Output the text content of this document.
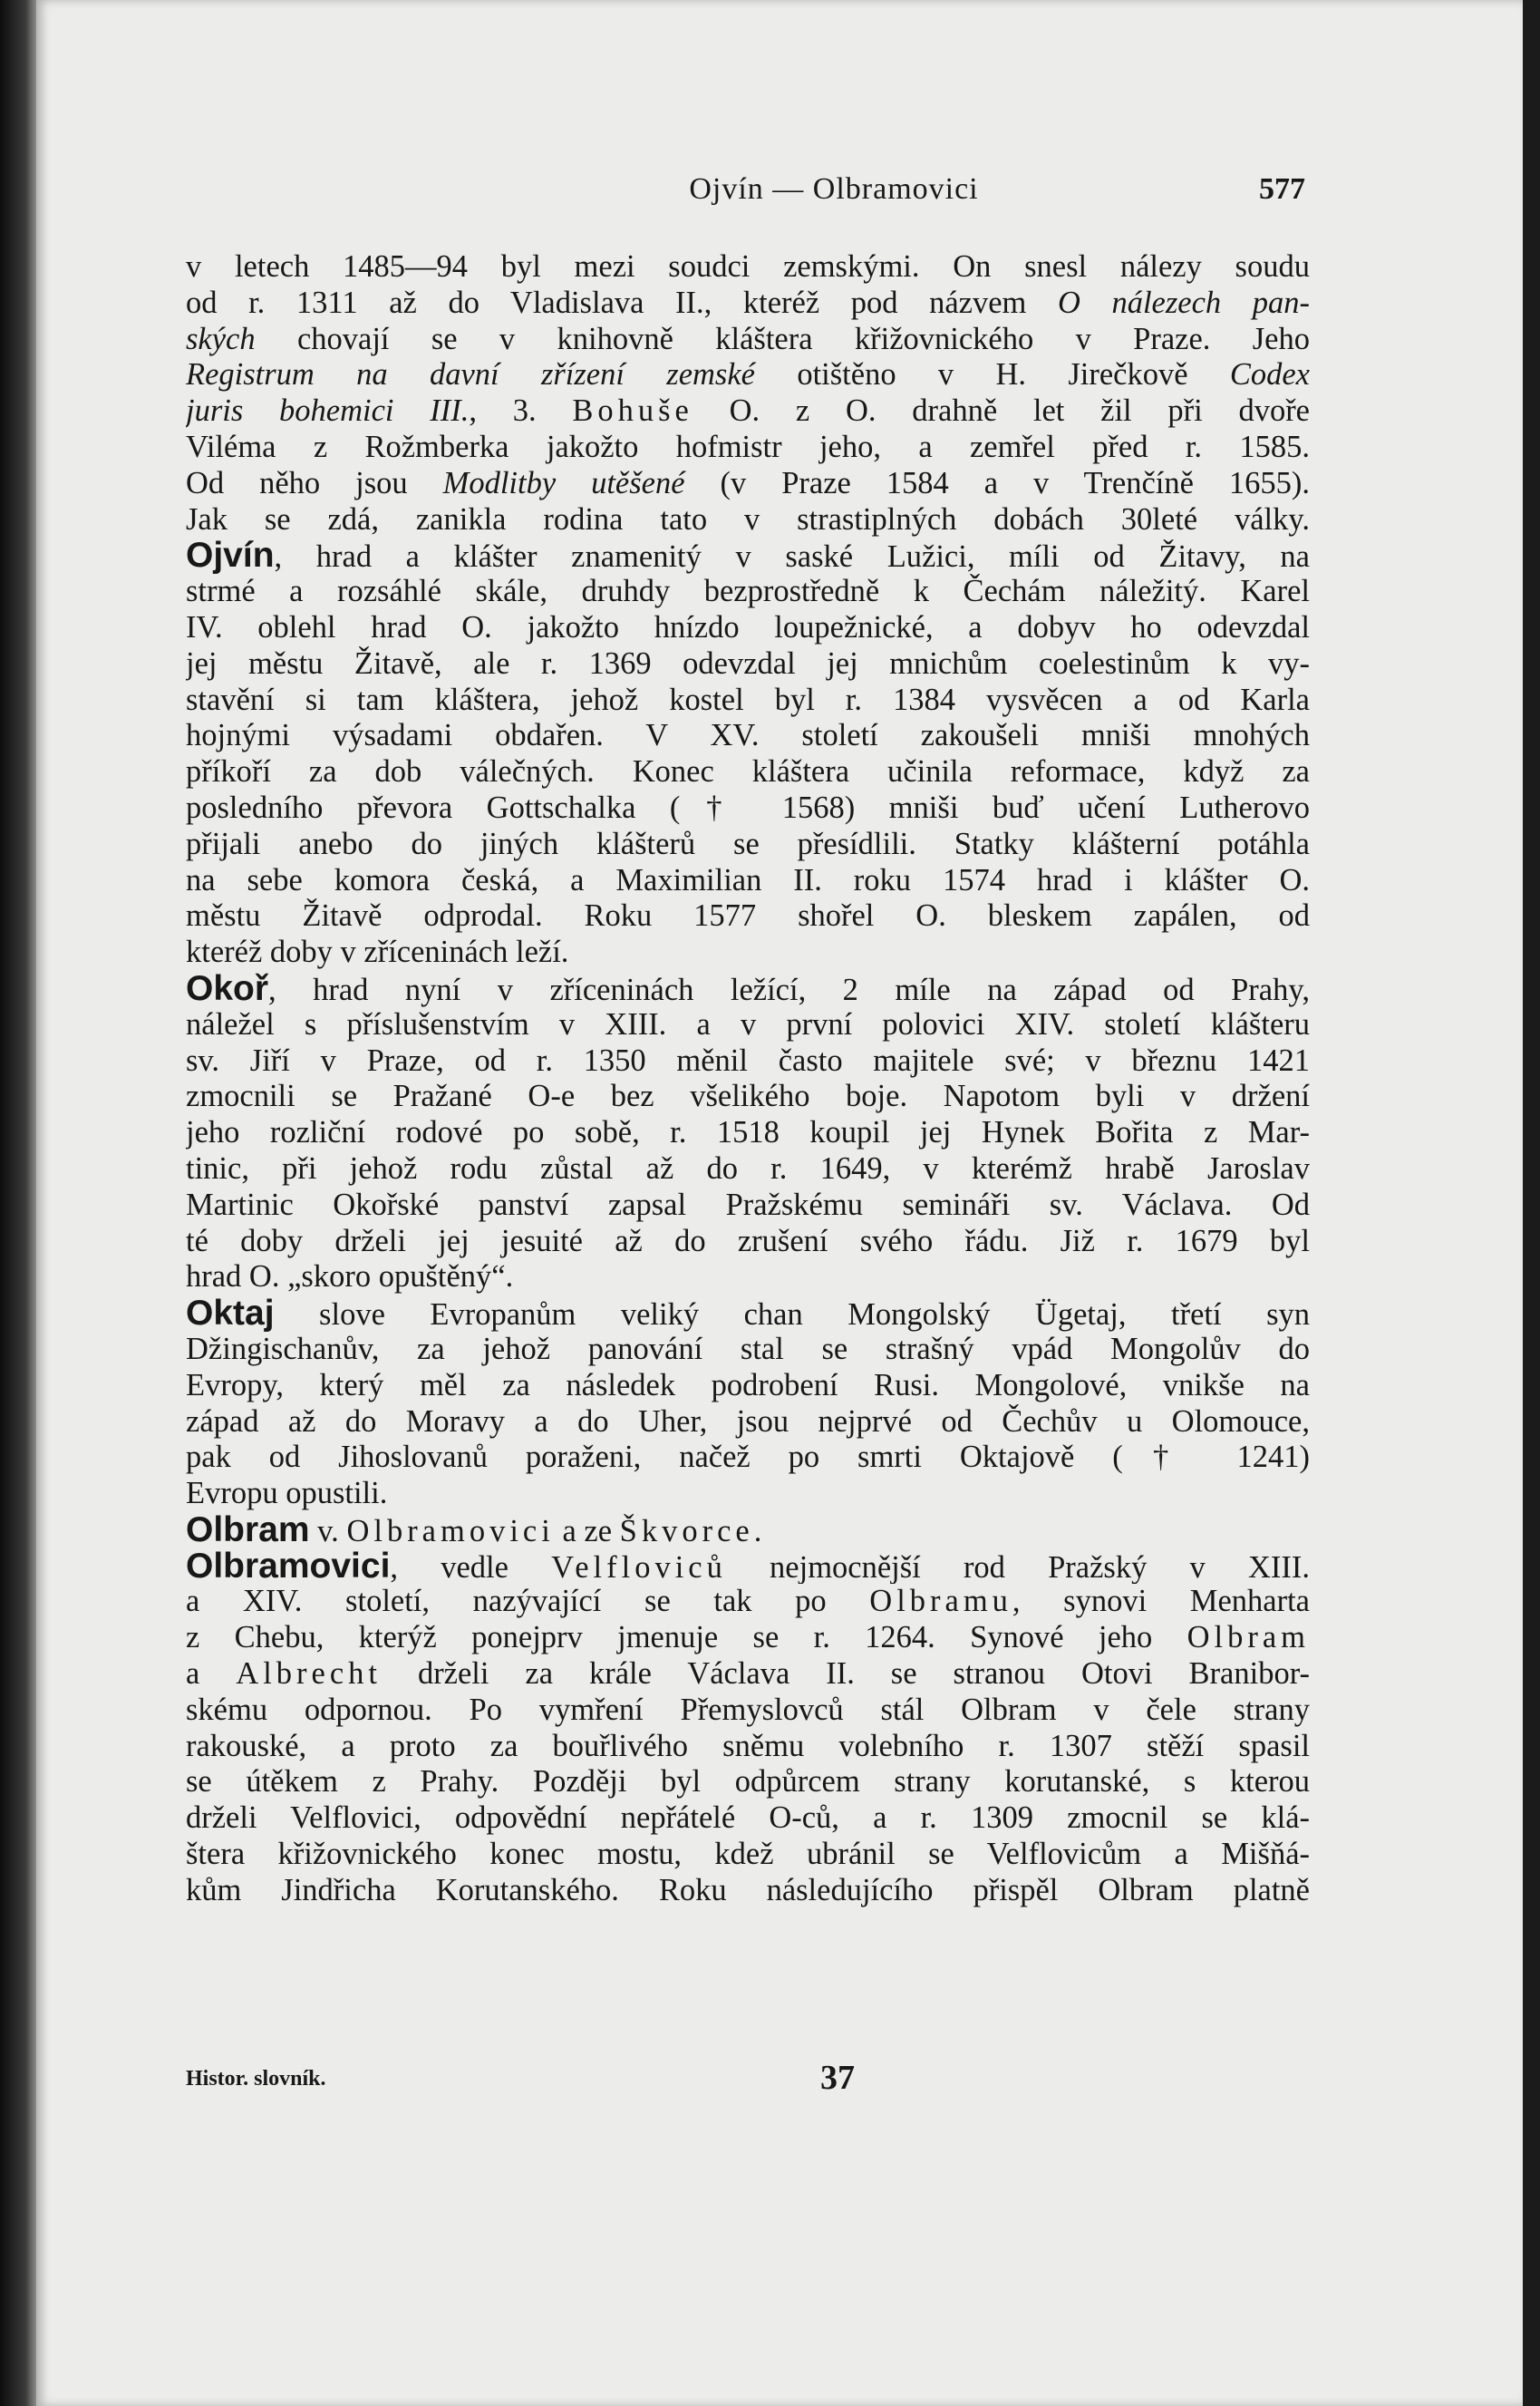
Ojvín — Olbramovici	577
v letech 1485—94 byl mezi soudci zemskými. On snesl nálezy soudu
od r. 1311 až do Vladislava II., kteréž pod názvem O nálezech pan-
ských chovají se v knihovně kláštera křižovnického v Praze. Jeho
Registrum na davní zřízení zemské otištěno v H. Jirečkově Codex
juris bohemici III., 3. Bohuše O. z O. drahně let žil při dvoře
Viléma z Rožmberka jakožto hofmistr jeho, a zemřel před r. 1585.
Od něho jsou Modlitby utěšené (v Praze 1584 a v Trenčíně 1655).
Jak se zdá, zanikla rodina tato v strastiplných dobách 30leté války.
Ojvín, hrad a klášter znamenitý v saské Lužici, míli od Žitavy, na
strmé a rozsáhlé skále, druhdy bezprostředně k Čechám náležitý. Karel
IV. oblehl hrad O. jakožto hnízdo loupežnické, a dobyv ho odevzdal
jej městu Žitavě, ale r. 1369 odevzdal jej mnichům coelestinům k vy-
stavění si tam kláštera, jehož kostel byl r. 1384 vysvěcen a od Karla
hojnými výsadami obdařen. V XV. století zakoušeli mniši mnohých
příkoří za dob válečných. Konec kláštera učinila reformace, když za
posledního převora Gottschalka († 1568) mniši buď učení Lutherovo
přijali anebo do jiných klášterů se přesídlili. Statky klášterní potáhla
na sebe komora česká, a Maximilian II. roku 1574 hrad i klášter O.
městu Žitavě odprodal. Roku 1577 shořel O. bleskem zapálen, od
kteréž doby v zříceninách leží.
Okoř, hrad nyní v zříceninách ležící, 2 míle na západ od Prahy,
náležel s příslušenstvím v XIII. a v první polovici XIV. století klášteru
sv. Jiří v Praze, od r. 1350 měnil často majitele své; v březnu 1421
zmocnili se Pražané O-e bez všelikého boje. Napotom byli v držení
jeho rozliční rodové po sobě, r. 1518 koupil jej Hynek Bořita z Mar-
tinic, při jehož rodu zůstal až do r. 1649, v kterémž hrabě Jaroslav
Martinic Okořské panství zapsal Pražskému semináři sv. Václava. Od
té doby drželi jej jesuité až do zrušení svého řádu. Již r. 1679 byl
hrad O. „skoro opuštěný“.
Oktaj slove Evropanům veliký chan Mongolský Ügetaj, třetí syn
Džingischanův, za jehož panování stal se strašný vpád Mongolův do
Evropy, který měl za následek podrobení Rusi. Mongolové, vnikše na
západ až do Moravy a do Uher, jsou nejprvé od Čechův u Olomouce,
pak od Jihoslovanů poraženi, načež po smrti Oktajově († 1241)
Evropu opustili.
Olbram v. Olbramovici a ze Škvorce.
Olbramovici, vedle Velfloviců nejmocnější rod Pražský v XIII.
a XIV. století, nazývající se tak po Olbramu, synovi Menharta
z Chebu, kterýž ponejprv jmenuje se r. 1264. Synové jeho Olbram
a Albrecht drželi za krále Václava II. se stranou Otovi Branibor-
skému odpornou. Po vymření Přemyslovců stál Olbram v čele strany
rakouské, a proto za bouřlivého sněmu volebního r. 1307 stěží spasil
se útěkem z Prahy. Později byl odpůrcem strany korutanské, s kterou
drželi Velflovici, odpovědní nepřátelé O-ců, a r. 1309 zmocnil se klá-
štera křižovnického konec mostu, kdež ubránil se Velflovicům a Mišňá-
kům Jindřicha Korutanského. Roku následujícího přispěl Olbram platně
Histor. slovník.	37
